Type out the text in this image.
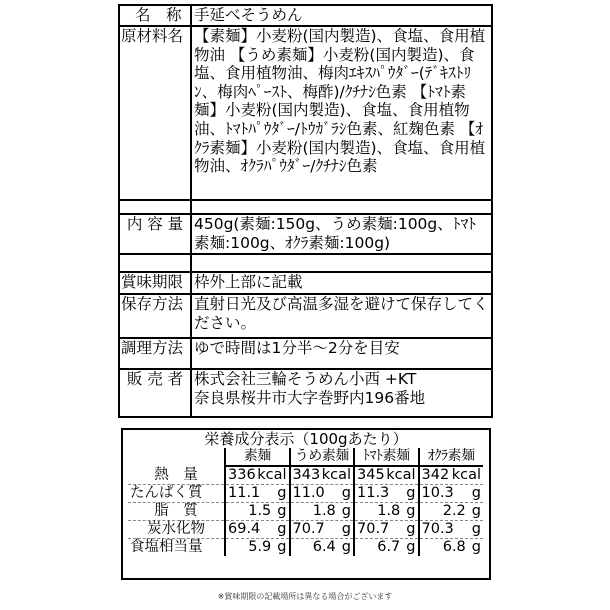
名　称	手延べそうめん
原材料名	【素麺】小麦粉(国内製造)、食塩、食用植物油 【うめ素麺】小麦粉(国内製造)、食塩、食用植物油、梅肉ｴｷｽﾊﾟｳﾀﾞｰ(ﾃﾞｷｽﾄﾘﾝ、梅肉ﾍﾟｰｽﾄ、梅酢)/ｸﾁﾅｼ色素 【ﾄﾏﾄ素麺】小麦粉(国内製造)、食塩、食用植物油、ﾄﾏﾄﾊﾟｳﾀﾞｰ/ﾄｳｶﾞﾗｼ色素、紅麹色素 【ｵｸﾗ素麺】小麦粉(国内製造)、食塩、食用植物油、ｵｸﾗﾊﾟｳﾀﾞｰ/ｸﾁﾅｼ色素

内 容 量	450g(素麺:150g、うめ素麺:100g、ﾄﾏﾄ素麺:100g、ｵｸﾗ素麺:100g)

賞味期限	枠外上部に記載
保存方法	直射日光及び高温多湿を避けて保存してください。
調理方法	ゆで時間は1分半～2分を目安
販 売 者	株式会社三輪そうめん小西 +KT
奈良県桜井市大字巻野内196番地
栄養成分表示（100gあたり）
	素麺	うめ素麺	ﾄﾏﾄ素麺	ｵｸﾗ素麺
熱　量	336 kcal	343 kcal	345 kcal	342 kcal

たんぱく質	11.1 g	11.0 g	11.3 g	10.3 g

脂　質	1.5 g	1.8 g	1.8 g	2.2 g

炭水化物	69.4 g	70.7 g	70.7 g	70.3 g

食塩相当量	5.9 g	6.4 g	6.7 g	6.8 g
※賞味期限の記載場所は異なる場合がございます
